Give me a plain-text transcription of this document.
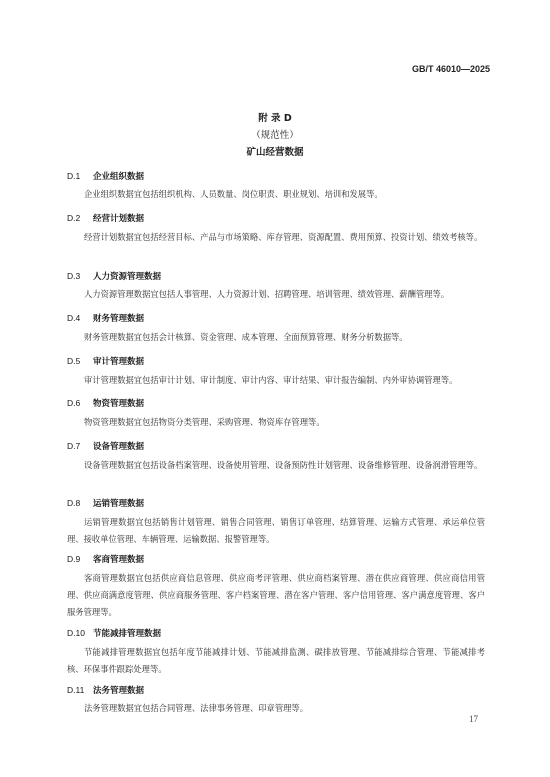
GB/T 46010—2025
附 录 D
（规范性）
矿山经营数据
D.1 企业组织数据
企业组织数据宜包括组织机构、人员数量、岗位职责、职业规划、培训和发展等。
D.2 经营计划数据
经营计划数据宜包括经营目标、产品与市场策略、库存管理、资源配置、费用预算、投资计划、绩效考核等。
D.3 人力资源管理数据
人力资源管理数据宜包括人事管理、人力资源计划、招聘管理、培训管理、绩效管理、薪酬管理等。
D.4 财务管理数据
财务管理数据宜包括会计核算、资金管理、成本管理、全面预算管理、财务分析数据等。
D.5 审计管理数据
审计管理数据宜包括审计计划、审计制度、审计内容、审计结果、审计报告编制、内外审协调管理等。
D.6 物资管理数据
物资管理数据宜包括物资分类管理、采购管理、物资库存管理等。
D.7 设备管理数据
设备管理数据宜包括设备档案管理、设备使用管理、设备预防性计划管理、设备维修管理、设备润滑管理等。
D.8 运销管理数据
运销管理数据宜包括销售计划管理、销售合同管理、销售订单管理、结算管理、运输方式管理、承运单位管理、接收单位管理、车辆管理、运输数据、报警管理等。
D.9 客商管理数据
客商管理数据宜包括供应商信息管理、供应商考评管理、供应商档案管理、潜在供应商管理、供应商信用管理、供应商满意度管理、供应商服务管理、客户档案管理、潜在客户管理、客户信用管理、客户满意度管理、客户服务管理等。
D.10 节能减排管理数据
节能减排管理数据宜包括年度节能减排计划、节能减排监测、碳排放管理、节能减排综合管理、节能减排考核、环保事件跟踪处理等。
D.11 法务管理数据
法务管理数据宜包括合同管理、法律事务管理、印章管理等。
17
